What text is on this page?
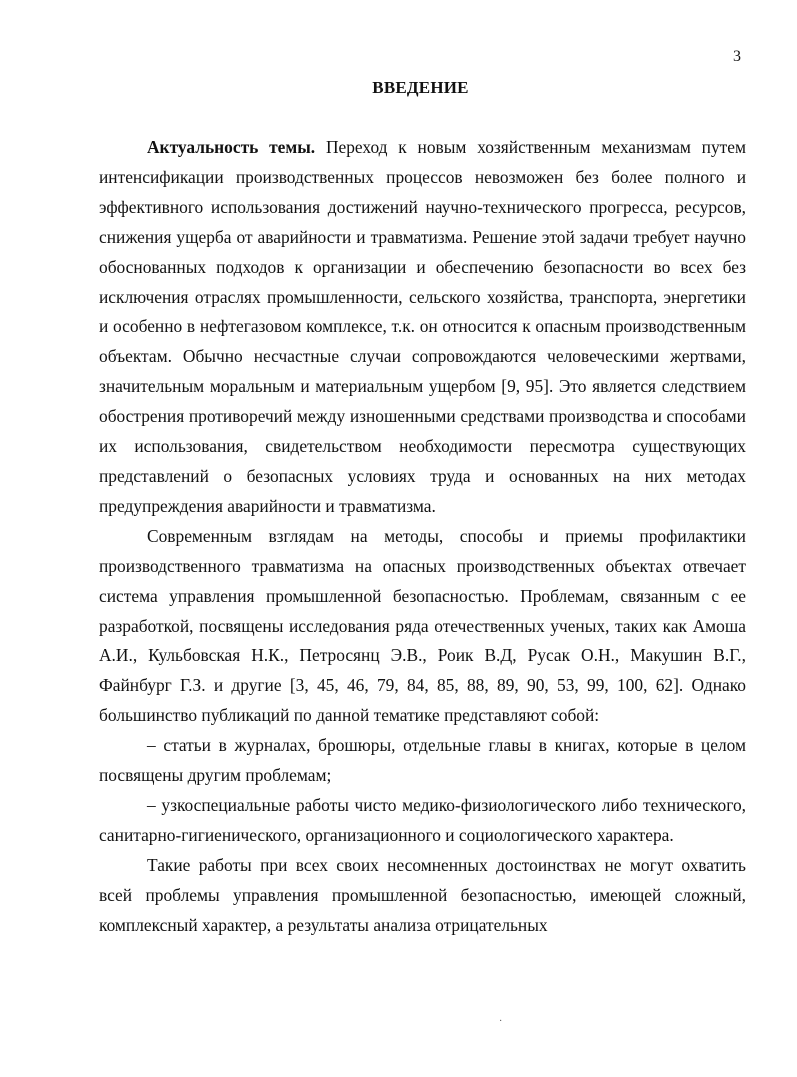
3
ВВЕДЕНИЕ

Актуальность темы. Переход к новым хозяйственным механизмам путем интенсификации производственных процессов невозможен без более полного и эффективного использования достижений научно-технического прогресса, ресурсов, снижения ущерба от аварийности и травматизма. Решение этой задачи требует научно обоснованных подходов к организации и обеспечению безопасности во всех без исключения отраслях промышленности, сельского хозяйства, транспорта, энергетики и особенно в нефтегазовом комплексе, т.к. он относится к опасным производственным объектам. Обычно несчастные случаи сопровождаются человеческими жертвами, значительным моральным и материальным ущербом [9, 95]. Это является следствием обострения противоречий между изношенными средствами производства и способами их использования, свидетельством необходимости пересмотра существующих представлений о безопасных условиях труда и основанных на них методах предупреждения аварийности и травматизма.

Современным взглядам на методы, способы и приемы профилактики производственного травматизма на опасных производственных объектах отвечает система управления промышленной безопасностью. Проблемам, связанным с ее разработкой, посвящены исследования ряда отечественных ученых, таких как Амоша А.И., Кульбовская Н.К., Петросянц Э.В., Роик В.Д, Русак О.Н., Макушин В.Г., Файнбург Г.З. и другие [3, 45, 46, 79, 84, 85, 88, 89, 90, 53, 99, 100, 62]. Однако большинство публикаций по данной тематике представляют собой:

– статьи в журналах, брошюры, отдельные главы в книгах, которые в целом посвящены другим проблемам;

– узкоспециальные работы чисто медико-физиологического либо технического, санитарно-гигиенического, организационного и социологического характера.

Такие работы при всех своих несомненных достоинствах не могут охватить всей проблемы управления промышленной безопасностью, имеющей сложный, комплексный характер, а результаты анализа отрицательных

·
